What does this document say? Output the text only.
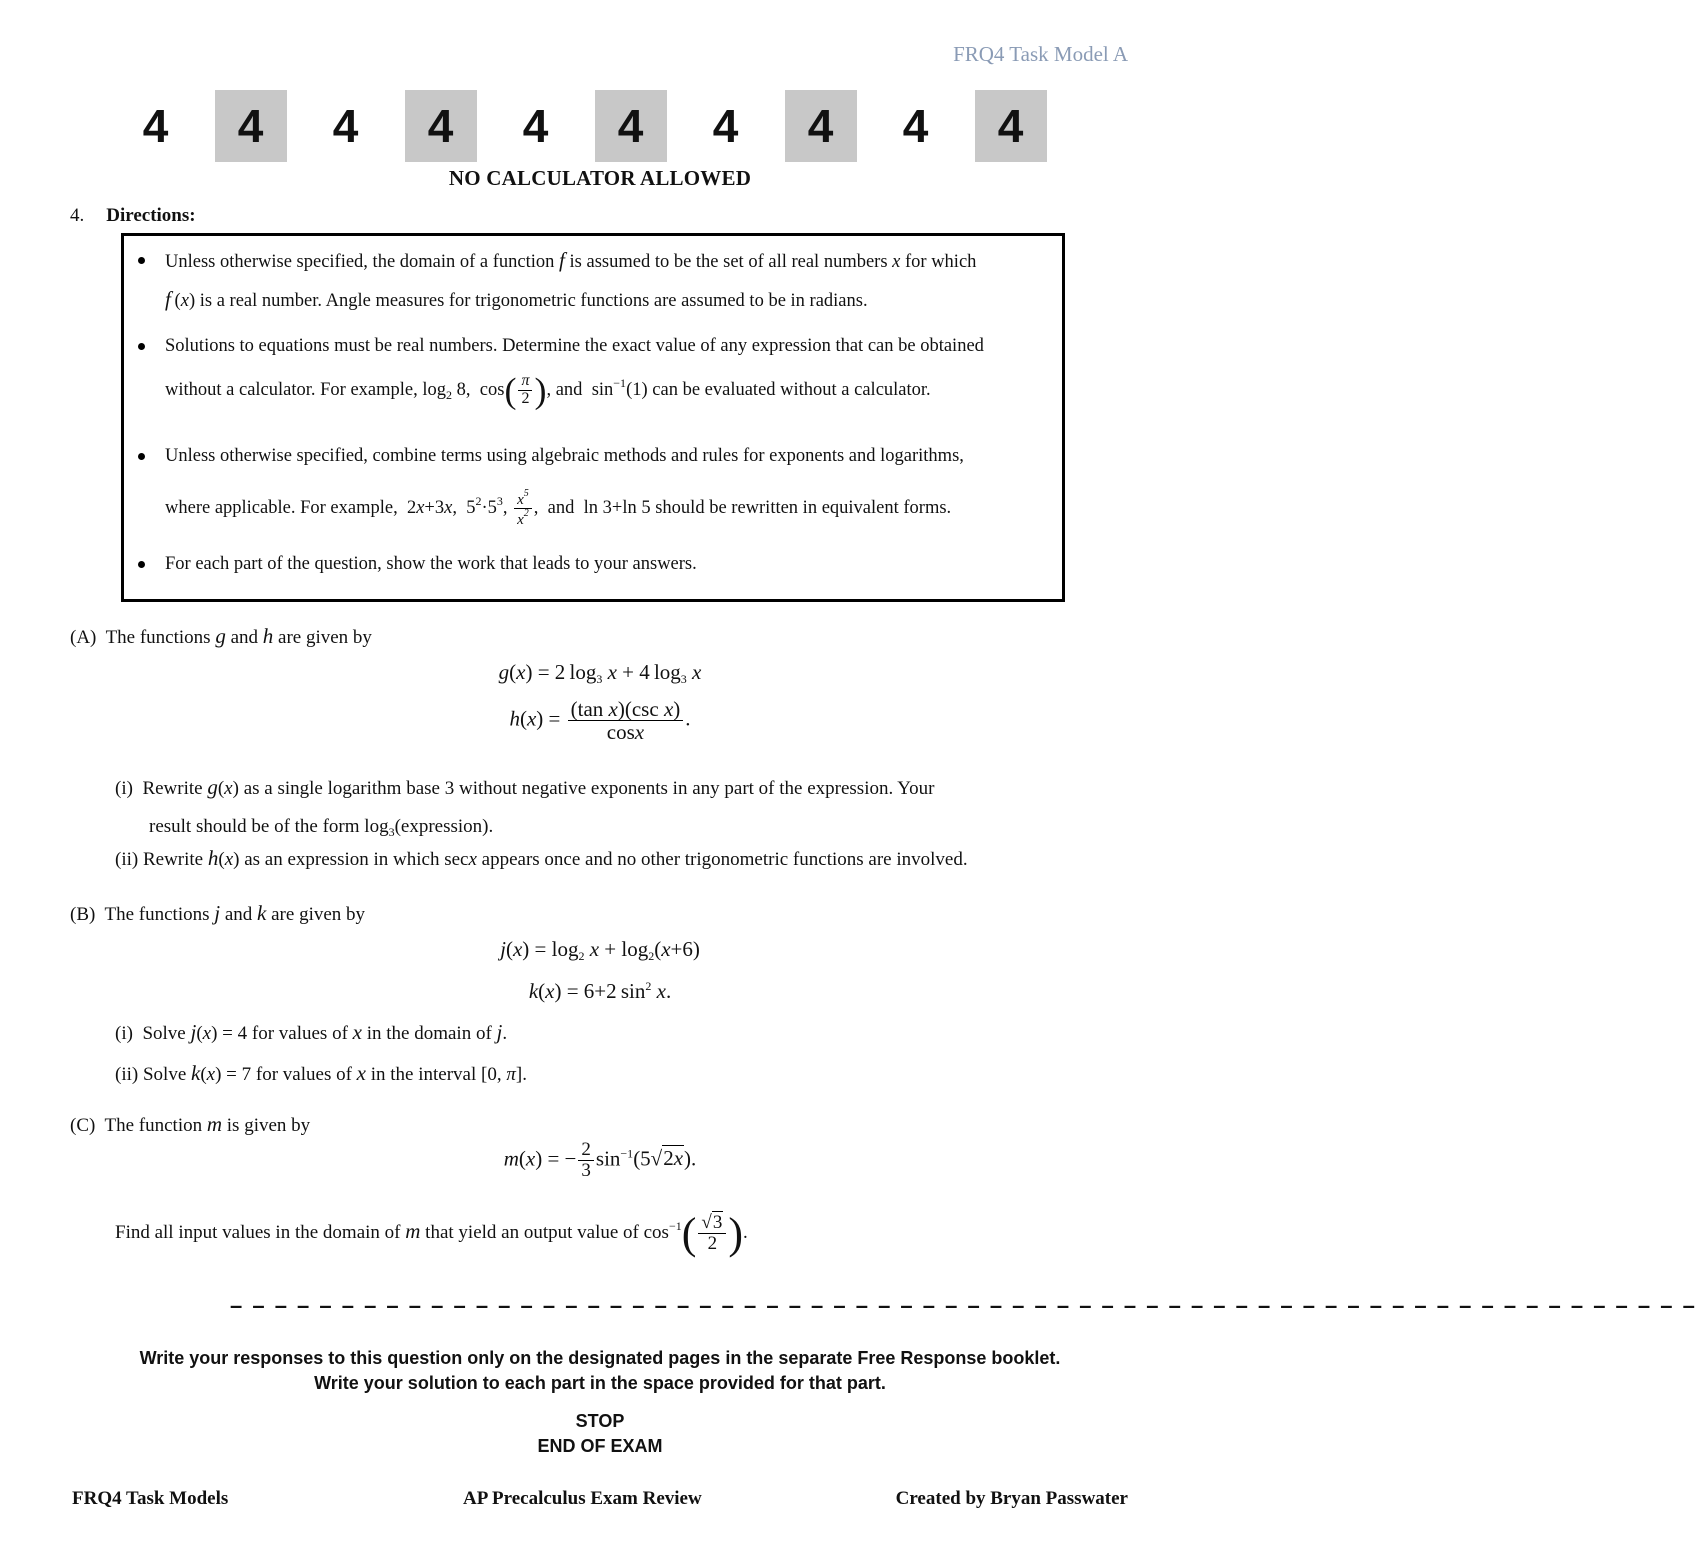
FRQ4 Task Model A
4	4	4	4	4	4	4	4	4	4
NO CALCULATOR ALLOWED
4. Directions:
Unless otherwise specified, the domain of a function f is assumed to be the set of all real numbers x for which
f (x) is a real number. Angle measures for trigonometric functions are assumed to be in radians.
Solutions to equations must be real numbers. Determine the exact value of any expression that can be obtained
without a calculator. For example, $\log_2 8$,  $\cos( \frac{\pi}{2}$ ), and  $\sin^{-1}(1)$ can be evaluated without a calculator.
Unless otherwise specified, combine terms using algebraic methods and rules for exponents and logarithms,
where applicable. For example,  2x+3x,  $5^2\cdot 5^3$, $\frac{x^5}{x^2}$ ,  and  ln 3+ln 5 should be rewritten in equivalent forms.
For each part of the question, show the work that leads to your answers.
(A) The functions g and h are given by
g(x) = 2 $\log_3 x + 4$ $\log_3 x$
$h(x) = \frac{\text{(tan x)(csc x)}}{\cos x}$ .
(i) Rewrite g(x) as a single logarithm base 3 without negative exponents in any part of the expression. Your
result should be of the form $\log_3(expression)$.
(ii) Rewrite h(x) as an expression in which secx appears once and no other trigonometric functions are involved.
(B) The functions j and k are given by
$j(x) = \log_2 x + \log_2(x+6)$
k(x) = 6+2 $\sin^2 x$.
(i) Solve j(x) = 4 for values of x in the domain of j.
(ii) Solve k(x) = 7 for values of x in the interval [0, π].
(C) The function m is given by
m(x) = − $\frac{2}{3} \sin^{-1}(5√2x)$.
Find all input values in the domain of m that yield an output value of $\cos^{-1}( \frac{√3}{2}$ ).
– – – – – – – – – – – – – – – – – – – – – – – – – – – – – – – – – – – – – – – – – – – – – – – – – – – – – – – – – – – – – – – – – –
Write your responses to this question only on the designated pages in the separate Free Response booklet.
Write your solution to each part in the space provided for that part.
STOP
END OF EXAM
FRQ4 Task Models	AP Precalculus Exam Review	Created by Bryan Passwater
